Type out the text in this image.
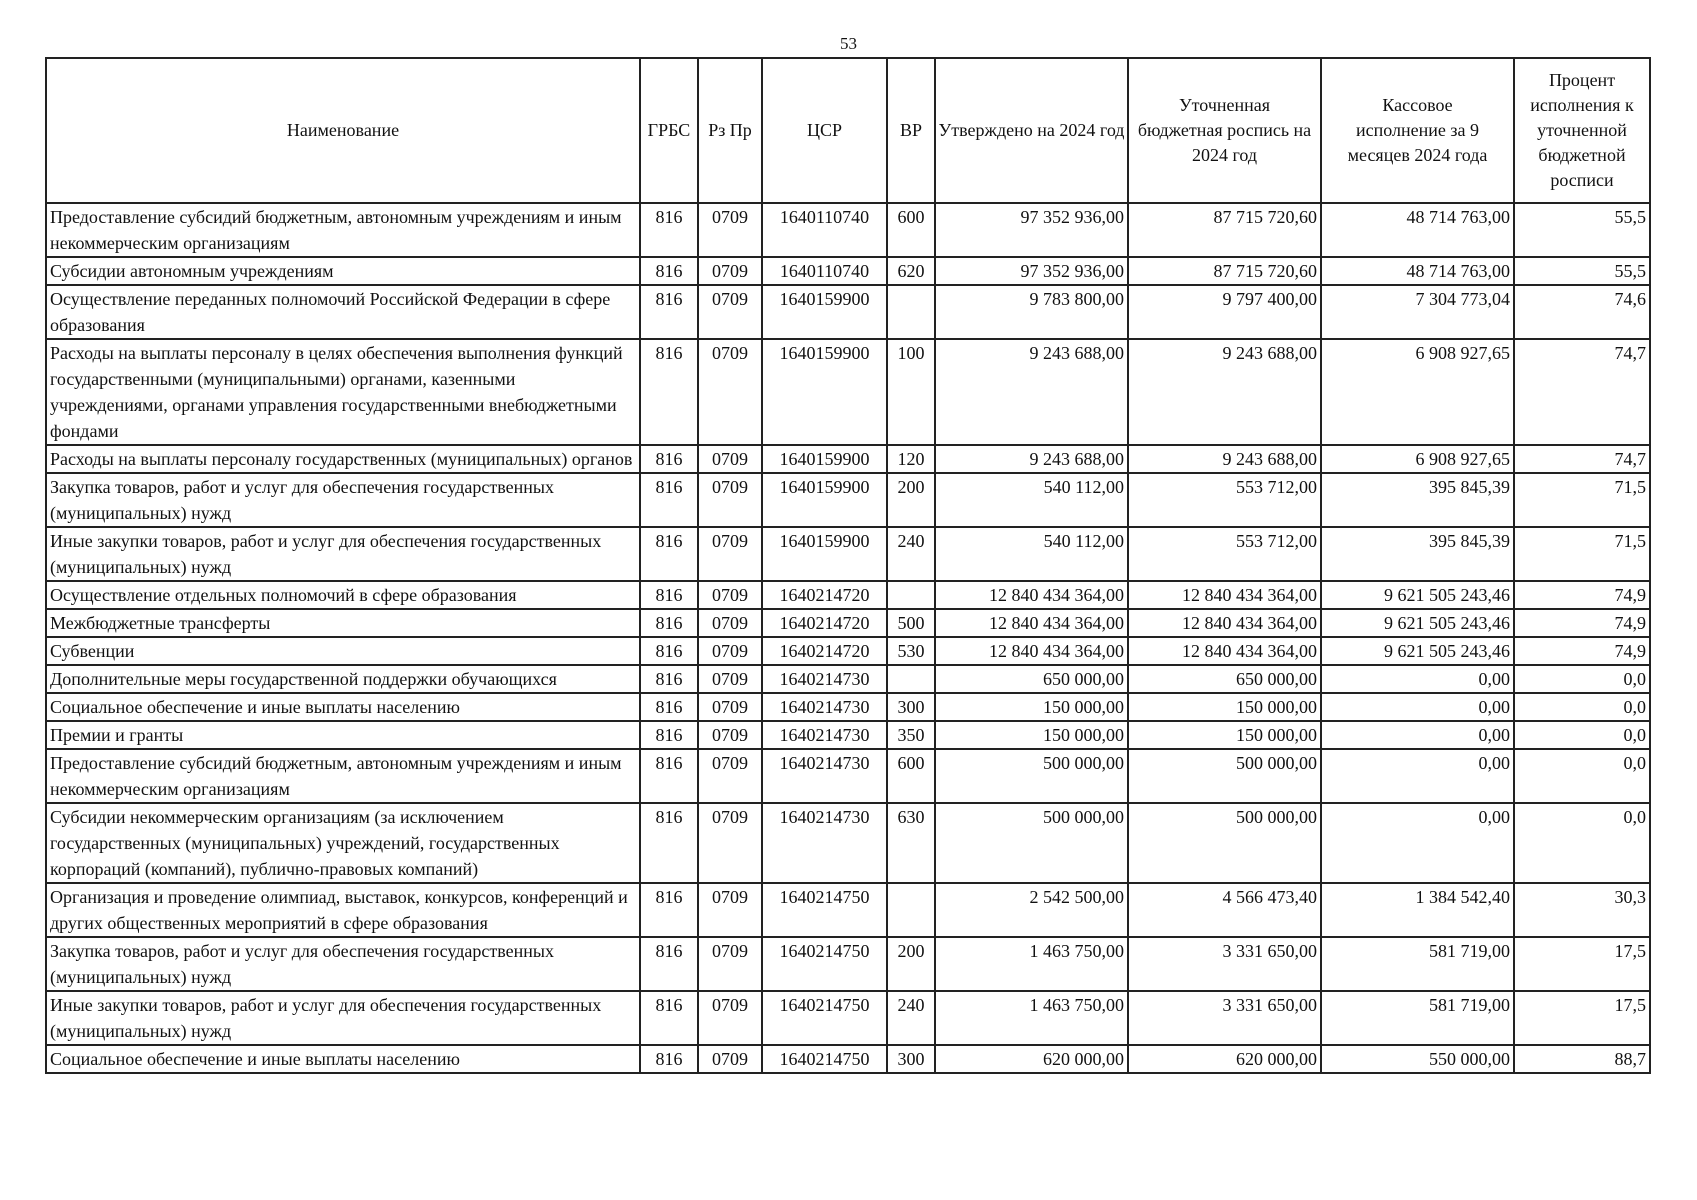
53
Наименование	ГРБС	Рз Пр	ЦСР	ВР	Утверждено на 2024 год	Уточненная бюджетная роспись на 2024 год	Кассовое исполнение за 9 месяцев 2024 года	Процент исполнения к уточненной бюджетной росписи
Предоставление субсидий бюджетным, автономным учреждениям и иным некоммерческим организациям	816	0709	1640110740	600	97 352 936,00	87 715 720,60	48 714 763,00	55,5
Субсидии автономным учреждениям	816	0709	1640110740	620	97 352 936,00	87 715 720,60	48 714 763,00	55,5
Осуществление переданных полномочий Российской Федерации в сфере образования	816	0709	1640159900		9 783 800,00	9 797 400,00	7 304 773,04	74,6
Расходы на выплаты персоналу в целях обеспечения выполнения функций государственными (муниципальными) органами, казенными учреждениями, органами управления государственными внебюджетными фондами	816	0709	1640159900	100	9 243 688,00	9 243 688,00	6 908 927,65	74,7
Расходы на выплаты персоналу государственных (муниципальных) органов	816	0709	1640159900	120	9 243 688,00	9 243 688,00	6 908 927,65	74,7
Закупка товаров, работ и услуг для обеспечения государственных (муниципальных) нужд	816	0709	1640159900	200	540 112,00	553 712,00	395 845,39	71,5
Иные закупки товаров, работ и услуг для обеспечения государственных (муниципальных) нужд	816	0709	1640159900	240	540 112,00	553 712,00	395 845,39	71,5
Осуществление отдельных полномочий в сфере образования	816	0709	1640214720		12 840 434 364,00	12 840 434 364,00	9 621 505 243,46	74,9
Межбюджетные трансферты	816	0709	1640214720	500	12 840 434 364,00	12 840 434 364,00	9 621 505 243,46	74,9
Субвенции	816	0709	1640214720	530	12 840 434 364,00	12 840 434 364,00	9 621 505 243,46	74,9
Дополнительные меры государственной поддержки обучающихся	816	0709	1640214730		650 000,00	650 000,00	0,00	0,0
Социальное обеспечение и иные выплаты населению	816	0709	1640214730	300	150 000,00	150 000,00	0,00	0,0
Премии и гранты	816	0709	1640214730	350	150 000,00	150 000,00	0,00	0,0
Предоставление субсидий бюджетным, автономным учреждениям и иным некоммерческим организациям	816	0709	1640214730	600	500 000,00	500 000,00	0,00	0,0
Субсидии некоммерческим организациям (за исключением государственных (муниципальных) учреждений, государственных корпораций (компаний), публично-правовых компаний)	816	0709	1640214730	630	500 000,00	500 000,00	0,00	0,0
Организация и проведение олимпиад, выставок, конкурсов, конференций и других общественных мероприятий в сфере образования	816	0709	1640214750		2 542 500,00	4 566 473,40	1 384 542,40	30,3
Закупка товаров, работ и услуг для обеспечения государственных (муниципальных) нужд	816	0709	1640214750	200	1 463 750,00	3 331 650,00	581 719,00	17,5
Иные закупки товаров, работ и услуг для обеспечения государственных (муниципальных) нужд	816	0709	1640214750	240	1 463 750,00	3 331 650,00	581 719,00	17,5
Социальное обеспечение и иные выплаты населению	816	0709	1640214750	300	620 000,00	620 000,00	550 000,00	88,7
